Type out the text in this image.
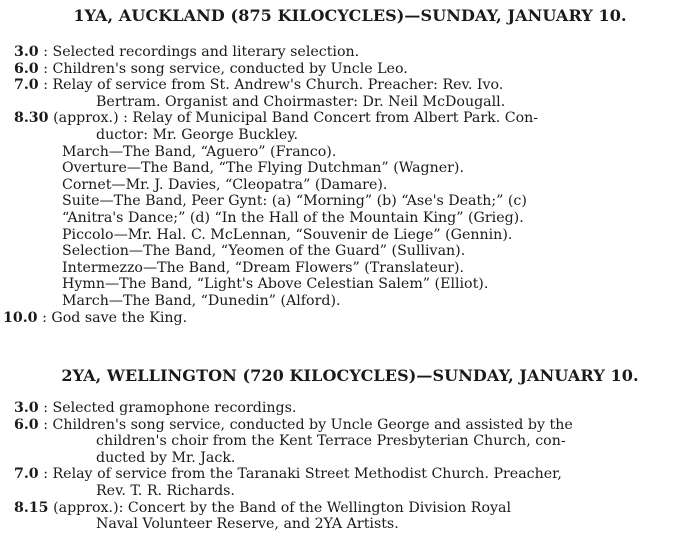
1YA, AUCKLAND (875 KILOCYCLES)—SUNDAY, JANUARY 10.
3.0 : Selected recordings and literary selection.
6.0 : Children's song service, conducted by Uncle Leo.
7.0 : Relay of service from St. Andrew's Church. Preacher: Rev. Ivo.
Bertram. Organist and Choirmaster: Dr. Neil McDougall.
8.30 (approx.) : Relay of Municipal Band Concert from Albert Park. Con-
ductor: Mr. George Buckley.
March—The Band, “Aguero” (Franco).
Overture—The Band, “The Flying Dutchman” (Wagner).
Cornet—Mr. J. Davies, “Cleopatra” (Damare).
Suite—The Band, Peer Gynt: (a) “Morning” (b) “Ase's Death;” (c)
“Anitra's Dance;” (d) “In the Hall of the Mountain King” (Grieg).
Piccolo—Mr. Hal. C. McLennan, “Souvenir de Liege” (Gennin).
Selection—The Band, “Yeomen of the Guard” (Sullivan).
Intermezzo—The Band, “Dream Flowers” (Translateur).
Hymn—The Band, “Light's Above Celestian Salem” (Elliot).
March—The Band, “Dunedin” (Alford).
10.0 : God save the King.
2YA, WELLINGTON (720 KILOCYCLES)—SUNDAY, JANUARY 10.
3.0 : Selected gramophone recordings.
6.0 : Children's song service, conducted by Uncle George and assisted by the
children's choir from the Kent Terrace Presbyterian Church, con-
ducted by Mr. Jack.
7.0 : Relay of service from the Taranaki Street Methodist Church. Preacher,
Rev. T. R. Richards.
8.15 (approx.): Concert by the Band of the Wellington Division Royal
Naval Volunteer Reserve, and 2YA Artists.
